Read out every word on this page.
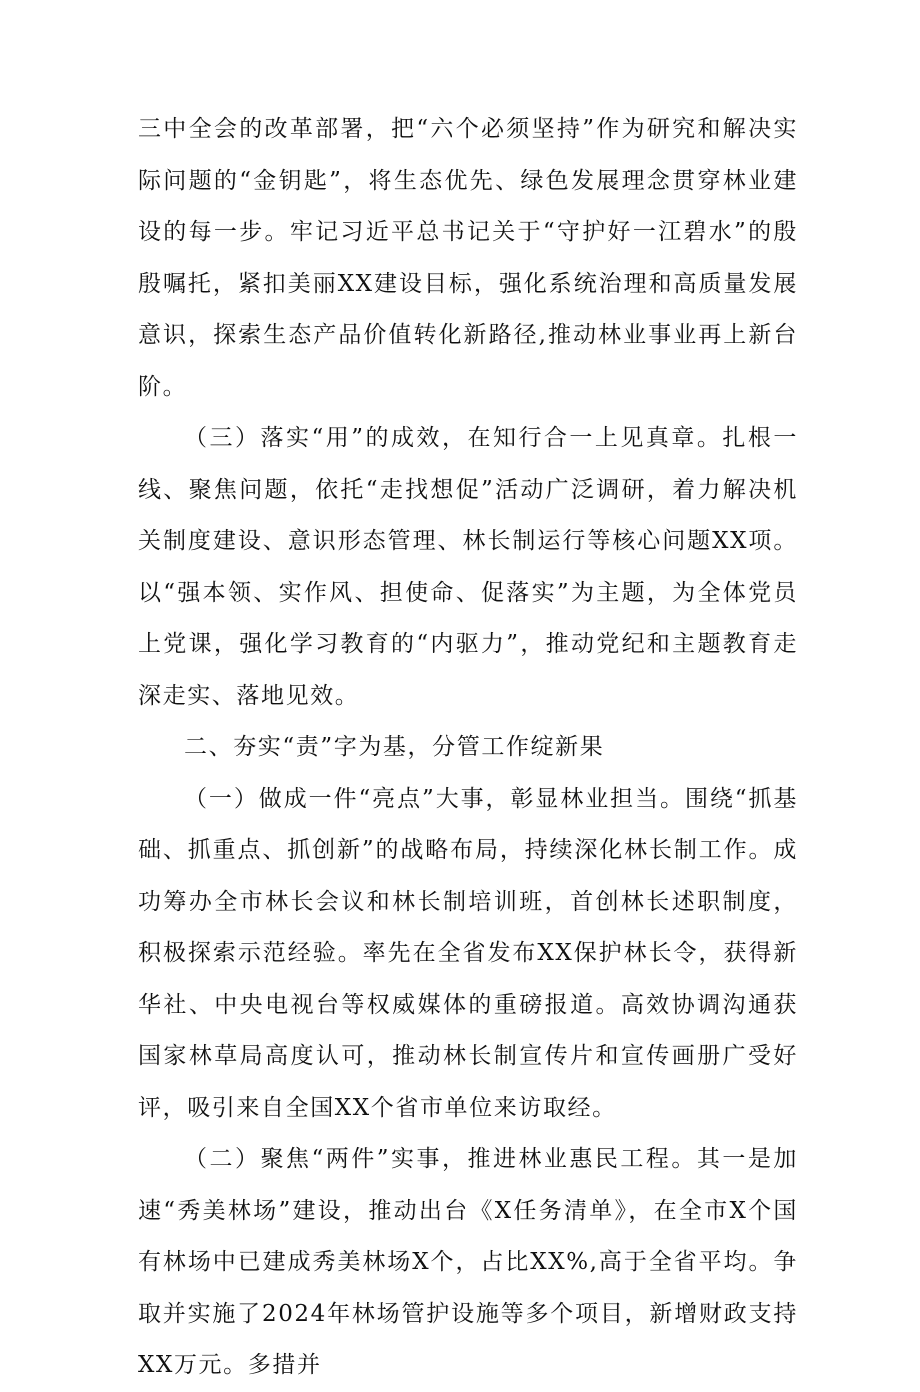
三中全会的改革部署，把“六个必须坚持”作为研究和解决实际问题的“金钥匙”，将生态优先、绿色发展理念贯穿林业建设的每一步。牢记习近平总书记关于“守护好一江碧水”的殷殷嘱托，紧扣美丽XX建设目标，强化系统治理和高质量发展意识，探索生态产品价值转化新路径,推动林业事业再上新台阶。

（三）落实“用”的成效，在知行合一上见真章。扎根一线、聚焦问题，依托“走找想促”活动广泛调研，着力解决机关制度建设、意识形态管理、林长制运行等核心问题XX项。以“强本领、实作风、担使命、促落实”为主题，为全体党员上党课，强化学习教育的“内驱力”，推动党纪和主题教育走深走实、落地见效。

二、夯实“责”字为基，分管工作绽新果

（一）做成一件“亮点”大事，彰显林业担当。围绕“抓基础、抓重点、抓创新”的战略布局，持续深化林长制工作。成功筹办全市林长会议和林长制培训班，首创林长述职制度，积极探索示范经验。率先在全省发布XX保护林长令，获得新华社、中央电视台等权威媒体的重磅报道。高效协调沟通获国家林草局高度认可，推动林长制宣传片和宣传画册广受好评，吸引来自全国XX个省市单位来访取经。

（二）聚焦“两件”实事，推进林业惠民工程。其一是加速“秀美林场”建设，推动出台《X任务清单》，在全市X个国有林场中已建成秀美林场X个，占比XX%,高于全省平均。争取并实施了2024年林场管护设施等多个项目，新增财政支持XX万元。多措并
